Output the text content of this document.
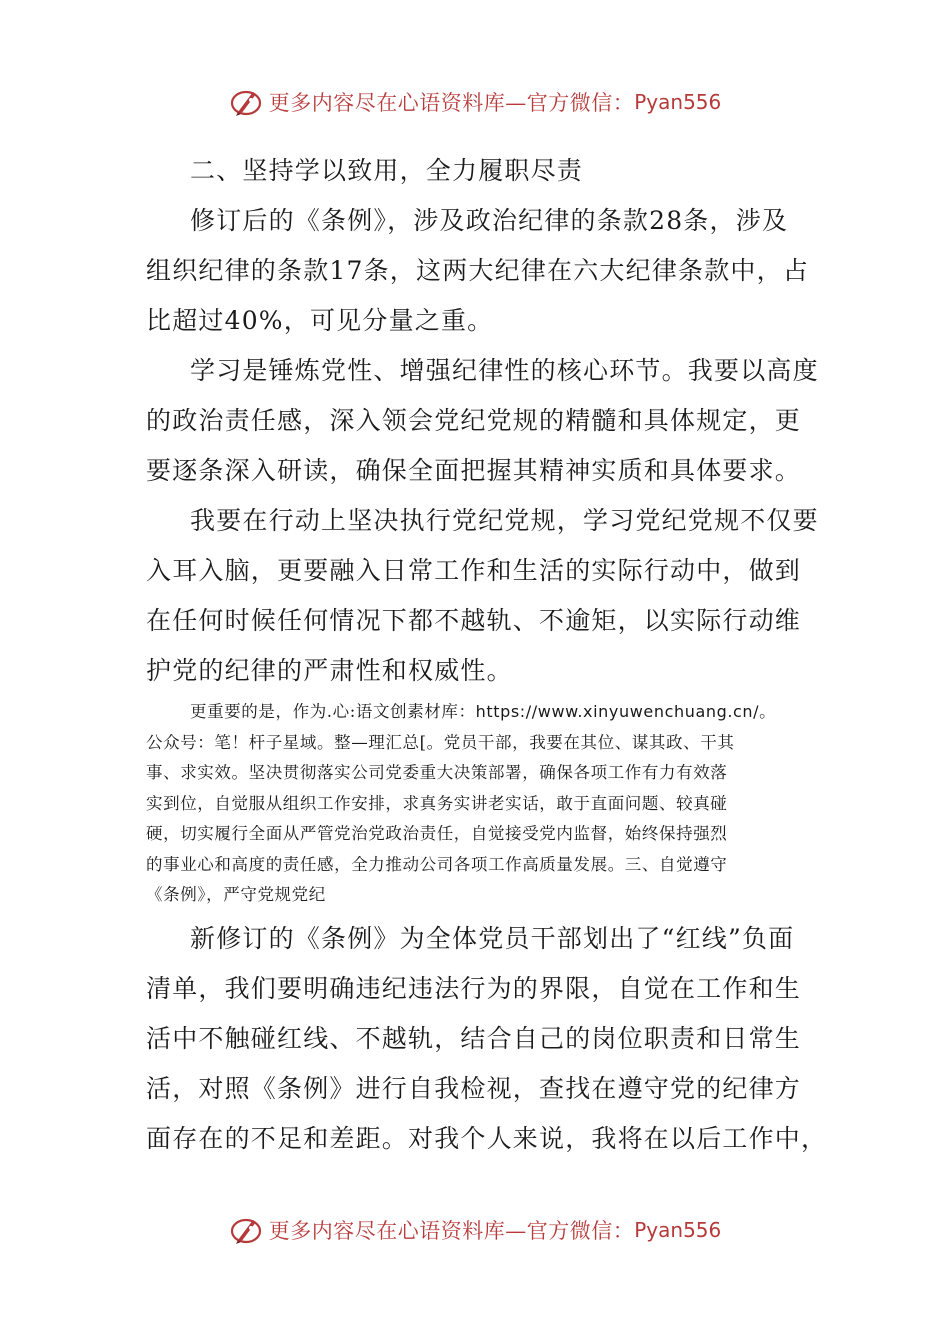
更多内容尽在心语资料库—官方微信： Pyan556

二、坚持学以致用，全力履职尽责

修订后的《条例》，涉及政治纪律的条款28条，涉及

组织纪律的条款17条，这两大纪律在六大纪律条款中，占

比超过40%，可见分量之重。

学习是锤炼党性、增强纪律性的核心环节。我要以高度

的政治责任感，深入领会党纪党规的精髓和具体规定，更

要逐条深入研读，确保全面把握其精神实质和具体要求。

我要在行动上坚决执行党纪党规，学习党纪党规不仅要

入耳入脑，更要融入日常工作和生活的实际行动中，做到

在任何时候任何情况下都不越轨、不逾矩，以实际行动维

护党的纪律的严肃性和权威性。

更重要的是，作为.心:语文创素材库：https://www.xinyuwenchuang.cn/。
公众号：笔！杆子星域。整—理汇总[。党员干部，我要在其位、谋其政、干其
事、求实效。坚决贯彻落实公司党委重大决策部署，确保各项工作有力有效落
实到位，自觉服从组织工作安排，求真务实讲老实话，敢于直面问题、较真碰
硬，切实履行全面从严管党治党政治责任，自觉接受党内监督，始终保持强烈
的事业心和高度的责任感，全力推动公司各项工作高质量发展。三、自觉遵守
《条例》，严守党规党纪

新修订的《条例》为全体党员干部划出了“红线”负面

清单，我们要明确违纪违法行为的界限，自觉在工作和生

活中不触碰红线、不越轨，结合自己的岗位职责和日常生

活，对照《条例》进行自我检视，查找在遵守党的纪律方

面存在的不足和差距。对我个人来说，我将在以后工作中，

更多内容尽在心语资料库—官方微信： Pyan556
